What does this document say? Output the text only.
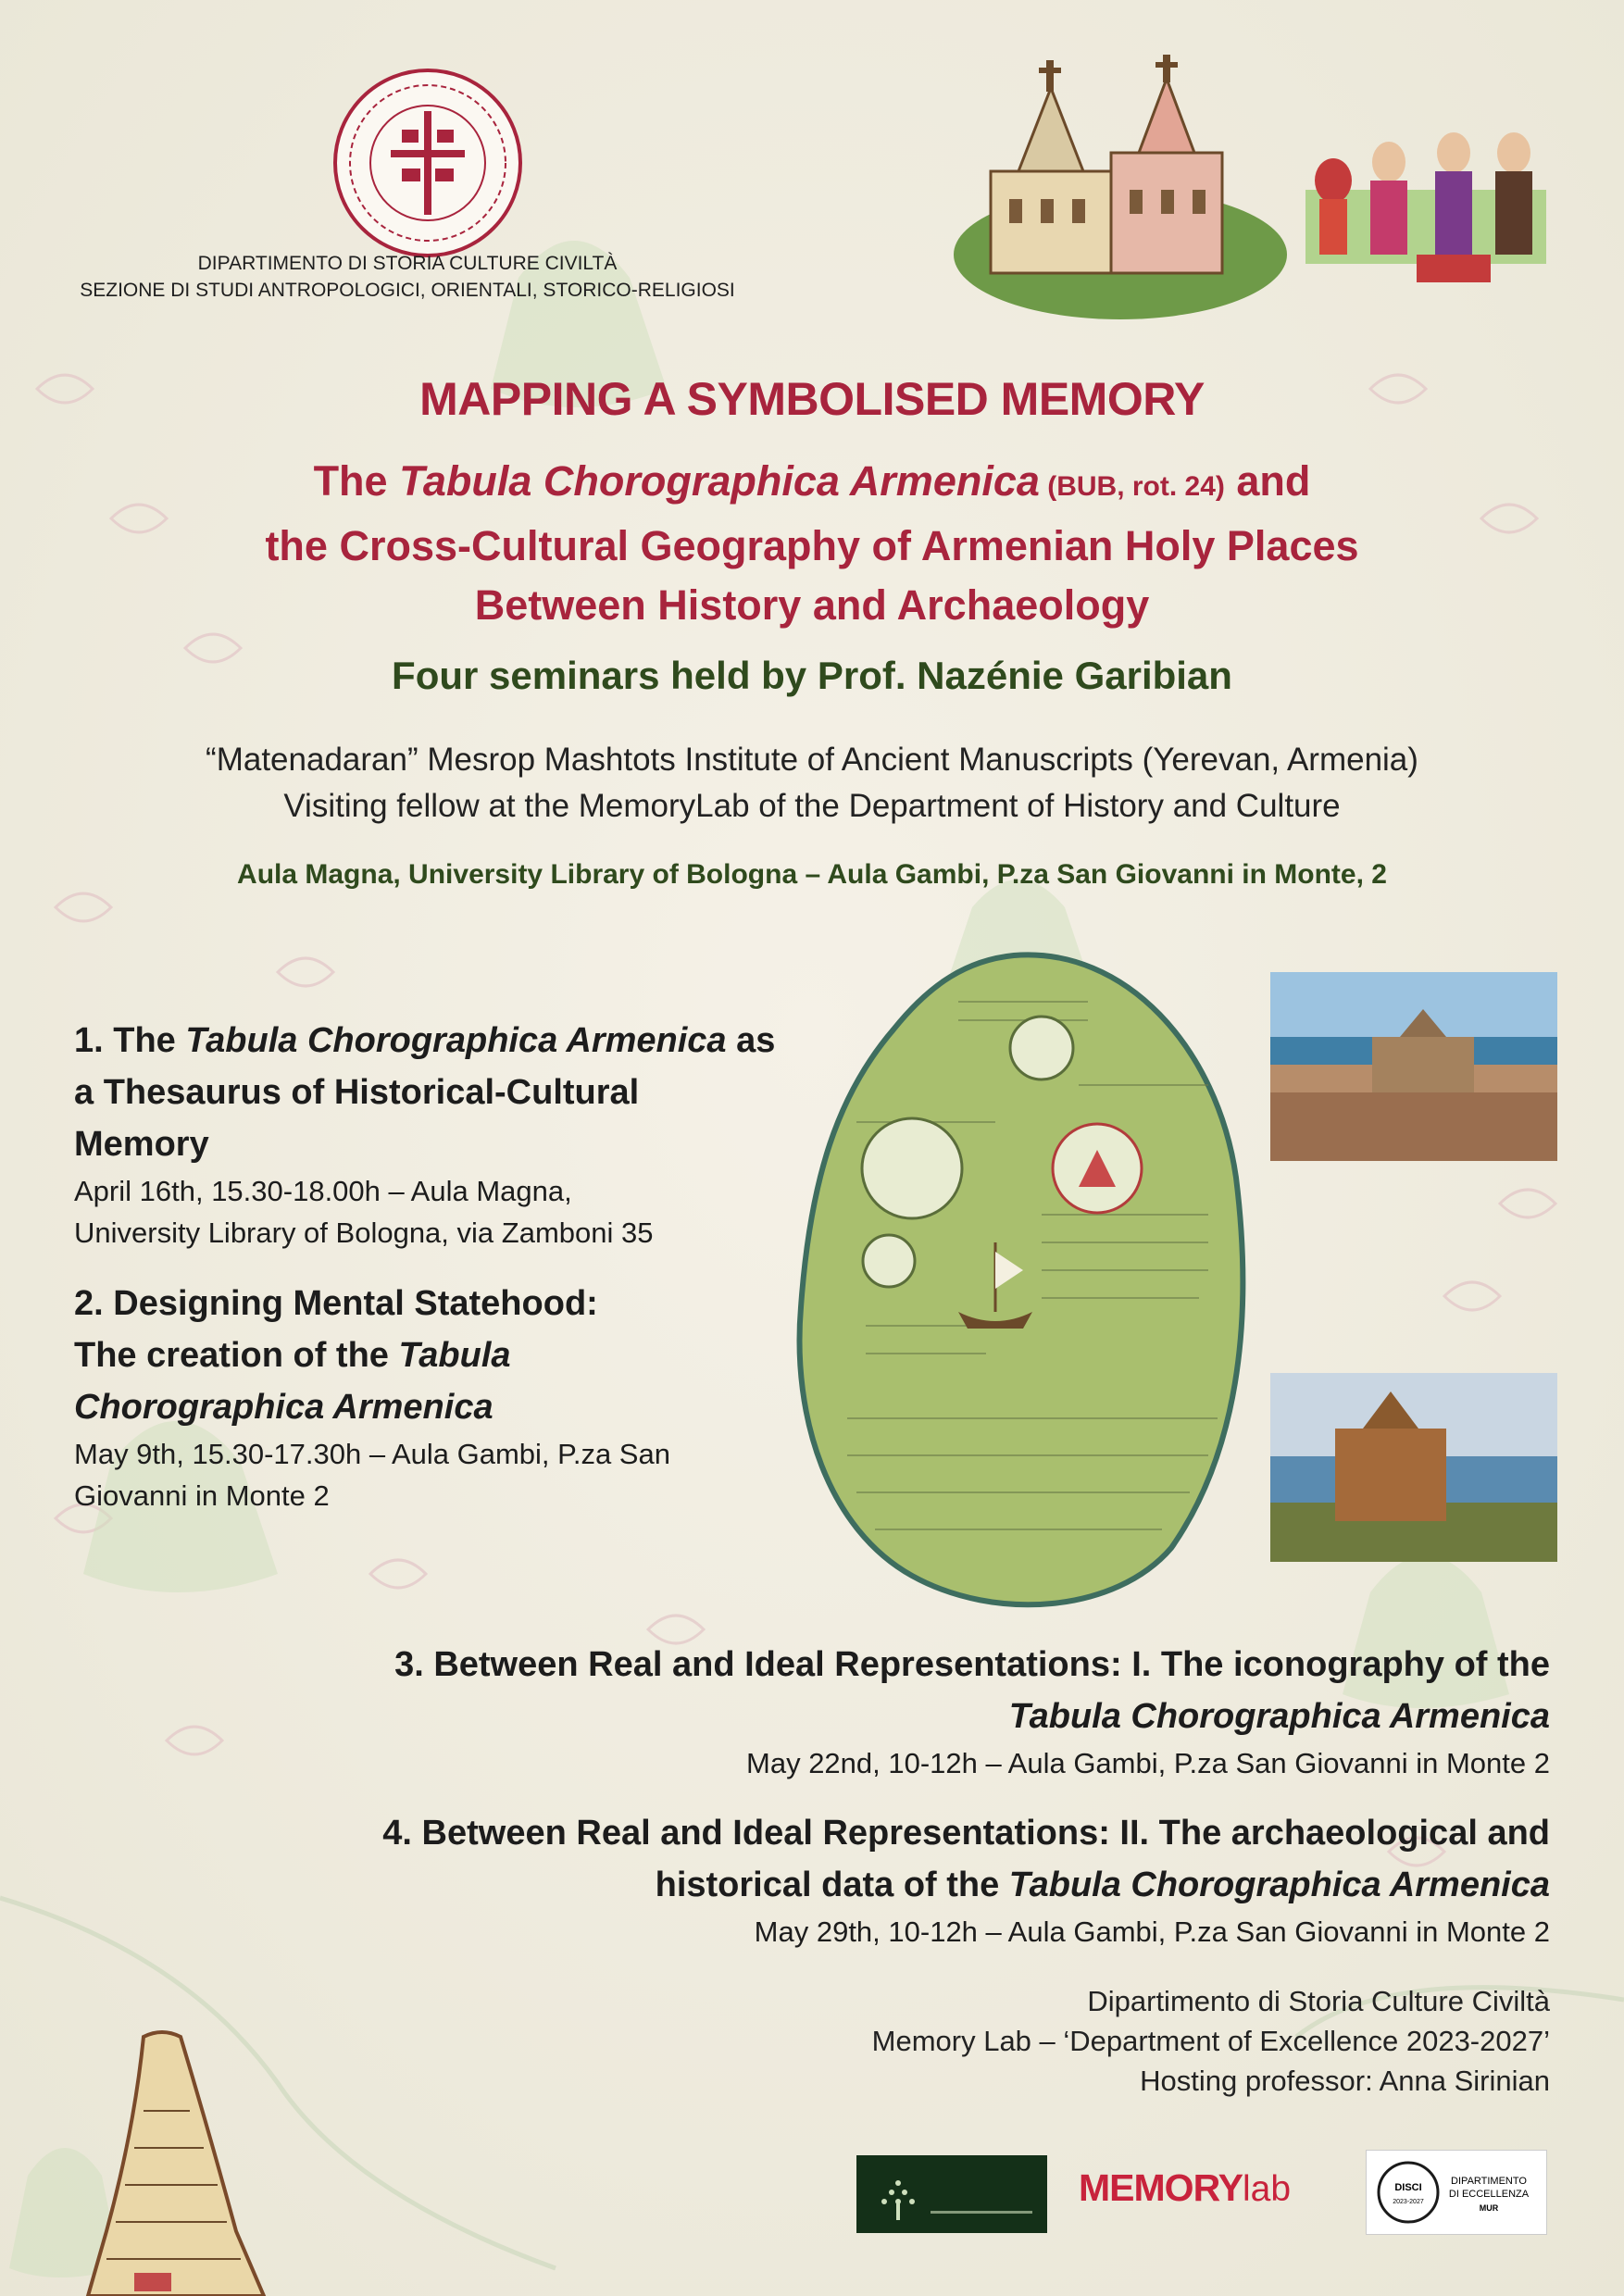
DIPARTIMENTO DI STORIA CULTURE CIVILTÀ
SEZIONE DI STUDI ANTROPOLOGICI, ORIENTALI, STORICO-RELIGIOSI
MAPPING A SYMBOLISED MEMORY
The Tabula Chorographica Armenica (BUB, rot. 24) and
the Cross-Cultural Geography of Armenian Holy Places
Between History and Archaeology
Four seminars held by Prof. Nazénie Garibian
“Matenadaran” Mesrop Mashtots Institute of Ancient Manuscripts (Yerevan, Armenia)
Visiting fellow at the MemoryLab of the Department of History and Culture
Aula Magna, University Library of Bologna – Aula Gambi, P.za San Giovanni in Monte, 2
1. The Tabula Chorographica Armenica as
a Thesaurus of Historical-Cultural
Memory
April 16th, 15.30-18.00h – Aula Magna,
University Library of Bologna, via Zamboni 35
2. Designing Mental Statehood:
The creation of the Tabula
Chorographica Armenica
May 9th, 15.30-17.30h – Aula Gambi, P.za San
Giovanni in Monte 2
3. Between Real and Ideal Representations: I. The iconography of the
Tabula Chorographica Armenica
May 22nd, 10-12h – Aula Gambi, P.za San Giovanni in Monte 2
4. Between Real and Ideal Representations: II. The archaeological and
historical data of the Tabula Chorographica Armenica
May 29th, 10-12h – Aula Gambi, P.za San Giovanni in Monte 2
Dipartimento di Storia Culture Civiltà
Memory Lab – ‘Department of Excellence 2023-2027’
Hosting professor: Anna Sirinian
MEMORYlab	DISCI
2023-2027
DIPARTIMENTO
DI ECCELLENZA
MUR
